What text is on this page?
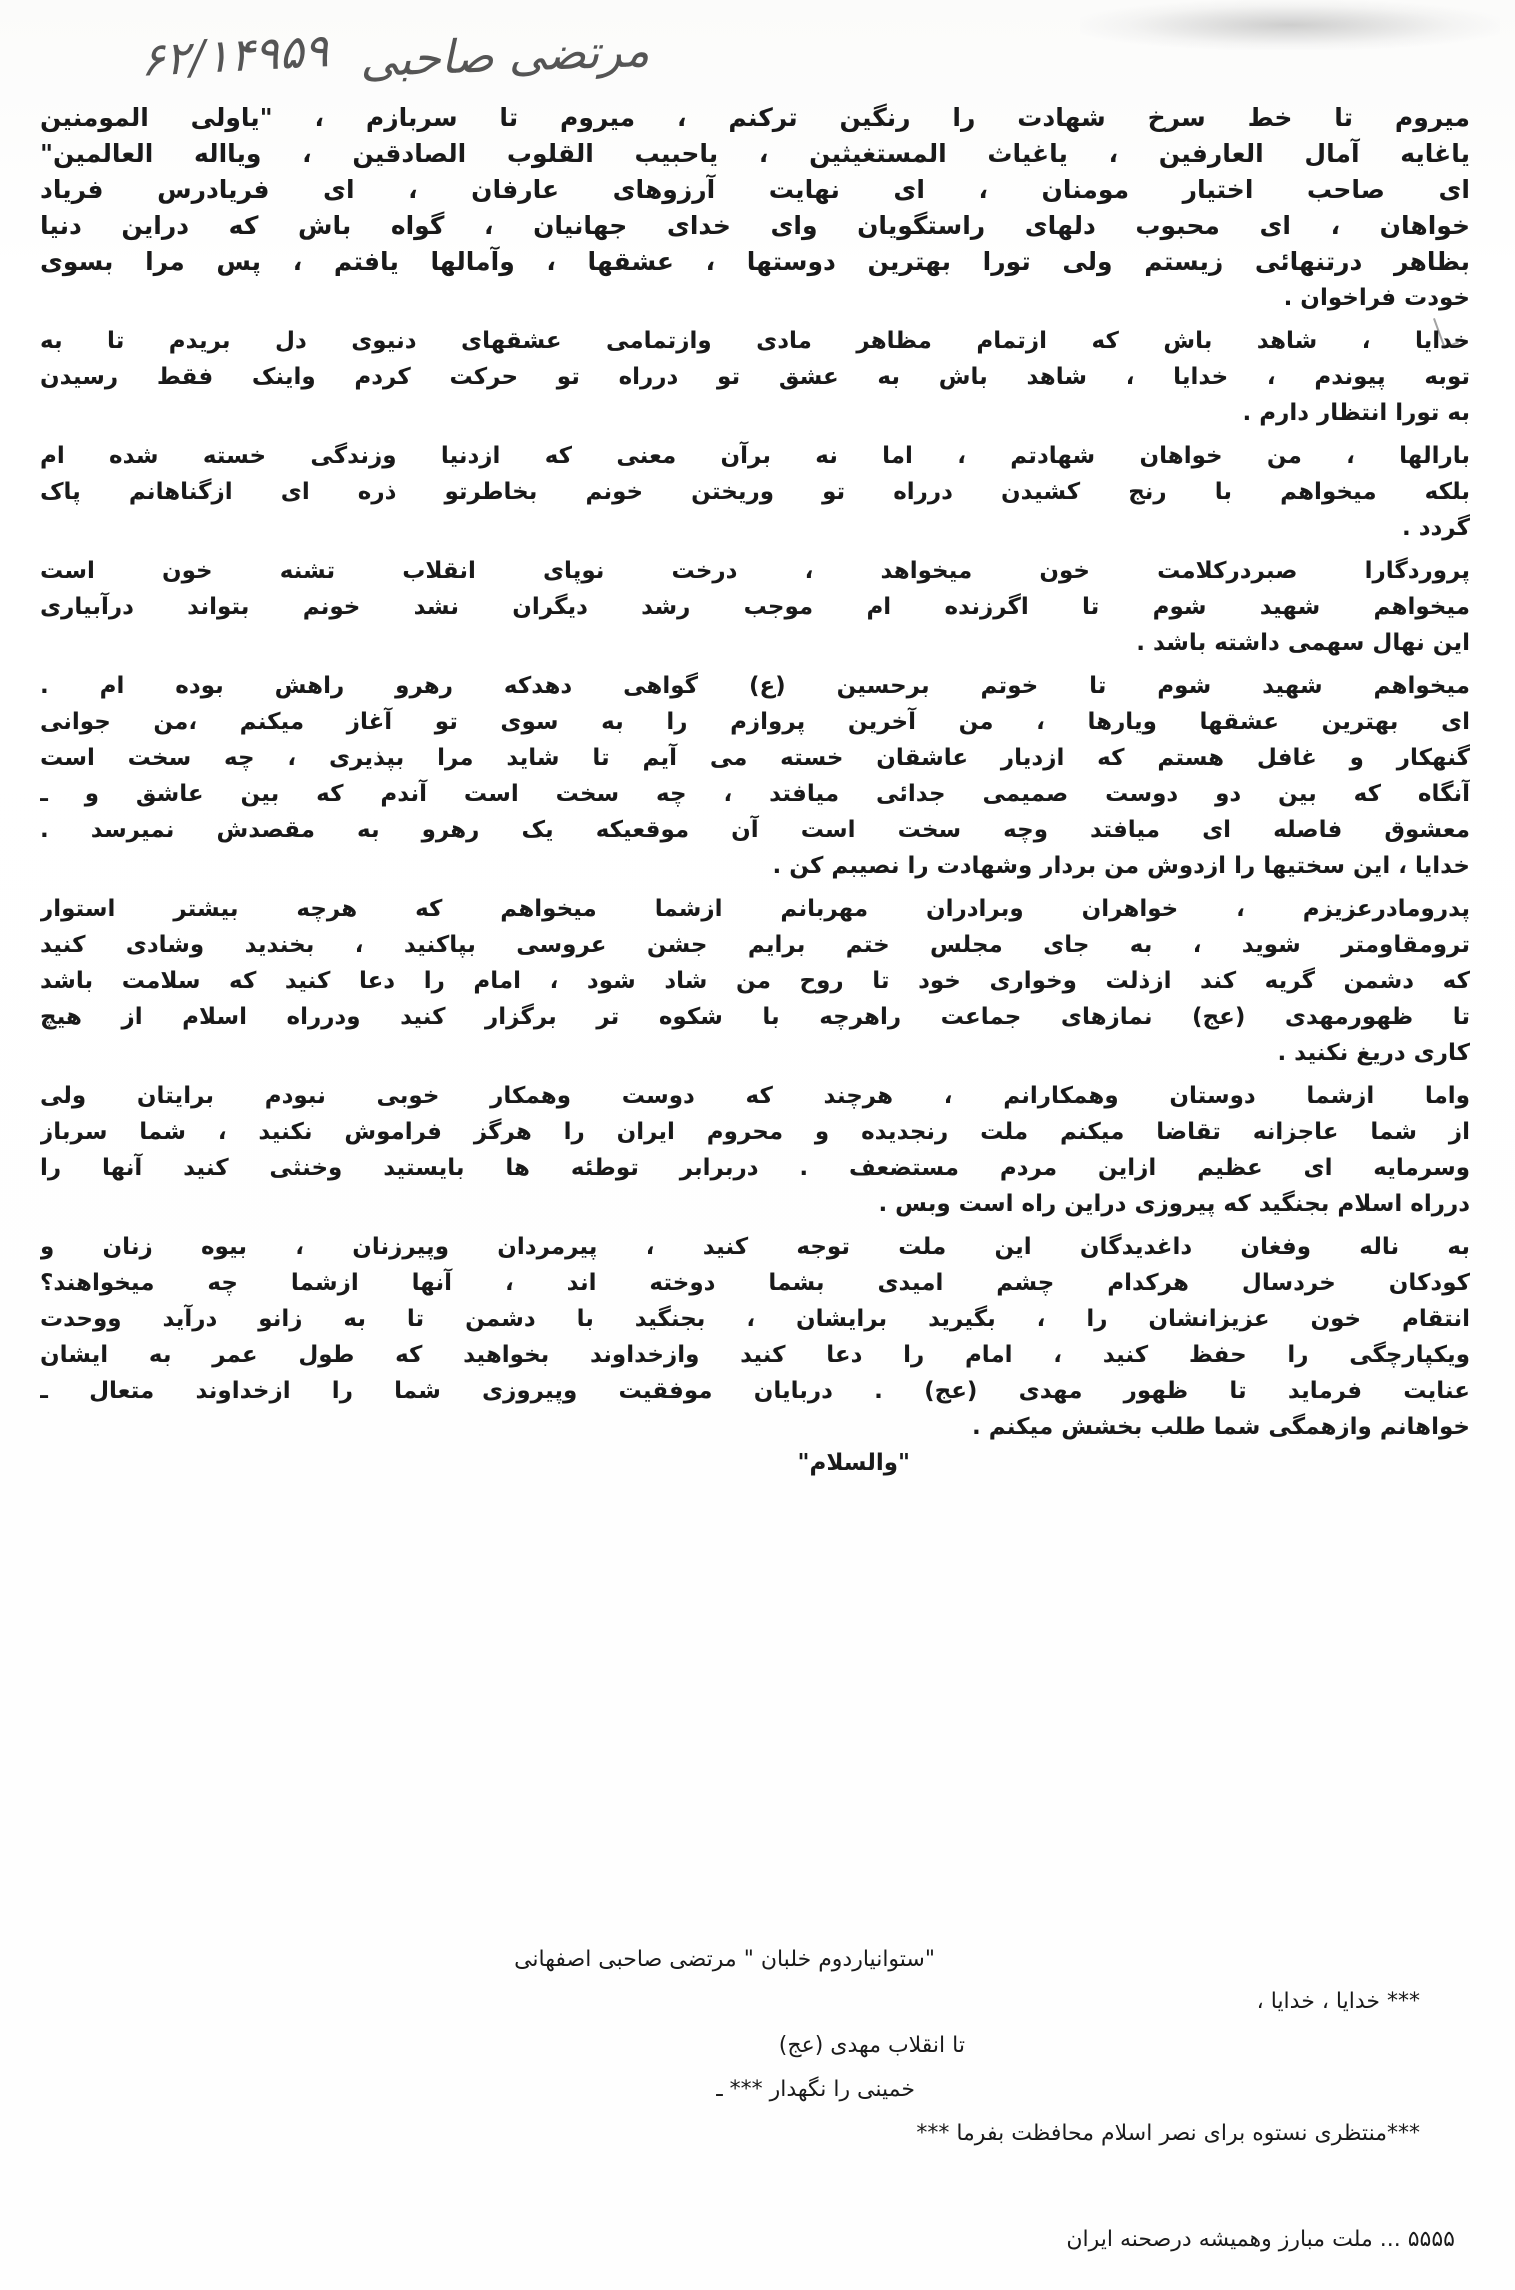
۶۲/۱۴۹۵۹ مرتضی صاحبی
میروم تا خط سرخ شهادت را رنگین ترکنم ، میروم تا سربازم ، "یاولی المومنین
یاغایه آمال العارفین ، یاغیاث المستغیثین ، یاحبیب القلوب الصادقین ، ویااله العالمین"
ای صاحب اختیار مومنان ، ای نهایت آرزوهای عارفان ، ای فریادرس فریاد
خواهان ، ای محبوب دلهای راستگویان وای خدای جهانیان ، گواه باش که دراین دنیا
بظاهر درتنهائی زیستم ولی تورا بهترین دوستها ، عشقها ، وآمالها یافتم ، پس مرا بسوی
خودت فراخوان .
خدایا ، شاهد باش که ازتمام مظاهر مادی وازتمامی عشقهای دنیوی دل بریدم تا به
توبه پیوندم ، خدایا ، شاهد باش به عشق تو درراه تو حرکت کردم واینک فقط رسیدن
به تورا انتظار دارم .
بارالها ، من خواهان شهادتم ، اما نه برآن معنی که ازدنیا وزندگی خسته شده ام
بلکه میخواهم با رنج کشیدن درراه تو وریختن خونم بخاطرتو ذره ای ازگناهانم پاک
گردد .
پروردگارا صبردرکلامت خون میخواهد ، درخت نوپای انقلاب تشنه خون است
میخواهم شهید شوم تا اگرزنده ام موجب رشد دیگران نشد خونم بتواند درآبیاری
این نهال سهمی داشته باشد .
میخواهم شهید شوم تا خوتم برحسین (ع) گواهی دهدکه رهرو راهش بوده ام .
ای بهترین عشقها ویارها ، من آخرین پروازم را به سوی تو آغاز میکنم ،من جوانی
گنهکار و غافل هستم که ازدیار عاشقان خسته می آیم تا شاید مرا بپذیری ، چه سخت است
آنگاه که بین دو دوست صمیمی جدائی میافتد ، چه سخت است آندم که بین عاشق و ـ
معشوق فاصله ای میافتد وچه سخت است آن موقعیکه یک رهرو به مقصدش نمیرسد .
خدایا ، این سختیها را ازدوش من بردار وشهادت را نصیبم کن .
پدرومادرعزیزم ، خواهران وبرادران مهربانم ازشما میخواهم که هرچه بیشتر استوار
ترومقاومتر شوید ، به جای مجلس ختم برایم جشن عروسی بپاکنید ، بخندید وشادی کنید
که دشمن گریه کند ازذلت وخواری خود تا روح من شاد شود ، امام را دعا کنید که سلامت باشد
تا ظهورمهدی (عج) نمازهای جماعت راهرچه با شکوه تر برگزار کنید ودرراه اسلام از هیچ
کاری دریغ نکنید .
واما ازشما دوستان وهمکارانم ، هرچند که دوست وهمکار خوبی نبودم برایتان ولی
از شما عاجزانه تقاضا میکنم ملت رنجدیده و محروم ایران را هرگز فراموش نکنید ، شما سرباز
وسرمایه ای عظیم ازاین مردم مستضعف . دربرابر توطئه ها بایستید وخنثی کنید آنها را
درراه اسلام بجنگید که پیروزی دراین راه است وبس .
به ناله وفغان داغدیدگان این ملت توجه کنید ، پیرمردان وپیرزنان ، بیوه زنان و
کودکان خردسال هرکدام چشم امیدی بشما دوخته اند ، آنها ازشما چه میخواهند؟
انتقام خون عزیزانشان را ، بگیرید برایشان ، بجنگید با دشمن تا به زانو درآید ووحدت
ویکپارچگی را حفظ کنید ، امام را دعا کنید وازخداوند بخواهید که طول عمر به ایشان
عنایت فرماید تا ظهور مهدی (عج) . دربایان موفقیت وپیروزی شما را ازخداوند متعال ـ
خواهانم وازهمگی شما طلب بخشش میکنم .
"والسلام"
"ستوانیاردوم خلبان " مرتضی صاحبی اصفهانی
*** خدایا ، خدایا ،
تا انقلاب مهدی (عج)
خمینی را نگهدار *** ـ
***منتظری نستوه برای نصر اسلام محافظت بفرما ***
۵۵۵۵ ... ملت مبارز وهمیشه درصحنه ایران
